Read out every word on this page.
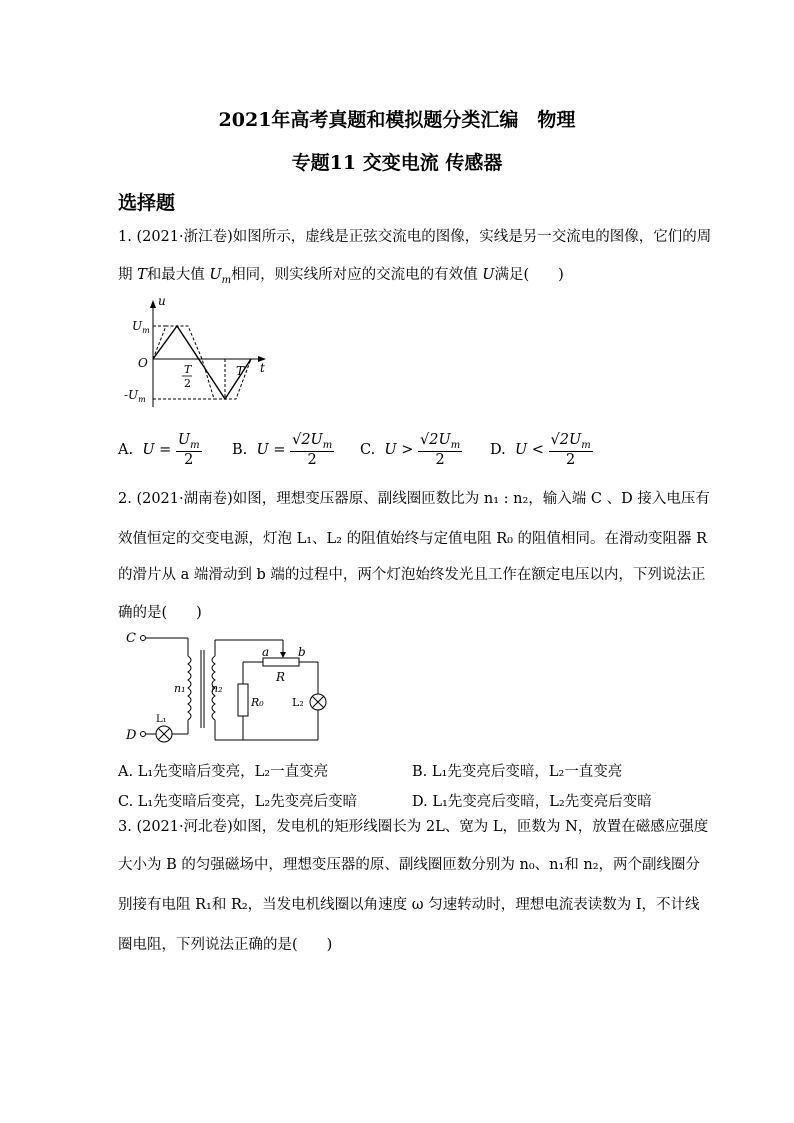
2021年高考真题和模拟题分类汇编　物理
专题11 交变电流 传感器
选择题
1. (2021·浙江卷)如图所示，虚线是正弦交流电的图像，实线是另一交流电的图像，它们的周
期 T和最大值 $U_m$相同，则实线所对应的交流电的有效值 U满足(　　)
u
t
O
$U_m$
$-U_m$
T
2
T
A. $U = \frac{U_m}{2} B$. $U = \frac{√2U_m}{2} C$. $U > \frac{√2U_m}{2} D$. $U < \frac{√2U_m}{2}$
2. (2021·湖南卷)如图，理想变压器原、副线圈匝数比为 n₁ : n₂，输入端 C 、D 接入电压有
效值恒定的交变电源，灯泡 L₁、L₂ 的阻值始终与定值电阻 R₀ 的阻值相同。在滑动变阻器 R
的滑片从 a 端滑动到 b 端的过程中，两个灯泡始终发光且工作在额定电压以内，下列说法正
确的是(　　)
C
n₁ n₂
a b
R
R₀	L₂
D
L₁
A. L₁先变暗后变亮，L₂一直变亮	B. L₁先变亮后变暗，L₂一直变亮
C. L₁先变暗后变亮，L₂先变亮后变暗	D. L₁先变亮后变暗，L₂先变亮后变暗
3. (2021·河北卷)如图，发电机的矩形线圈长为 2L、宽为 L，匝数为 N，放置在磁感应强度
大小为 B 的匀强磁场中，理想变压器的原、副线圈匝数分别为 n₀、n₁和 n₂，两个副线圈分
别接有电阻 R₁和 R₂，当发电机线圈以角速度 ω 匀速转动时，理想电流表读数为 I，不计线
圈电阻，下列说法正确的是(　　)
